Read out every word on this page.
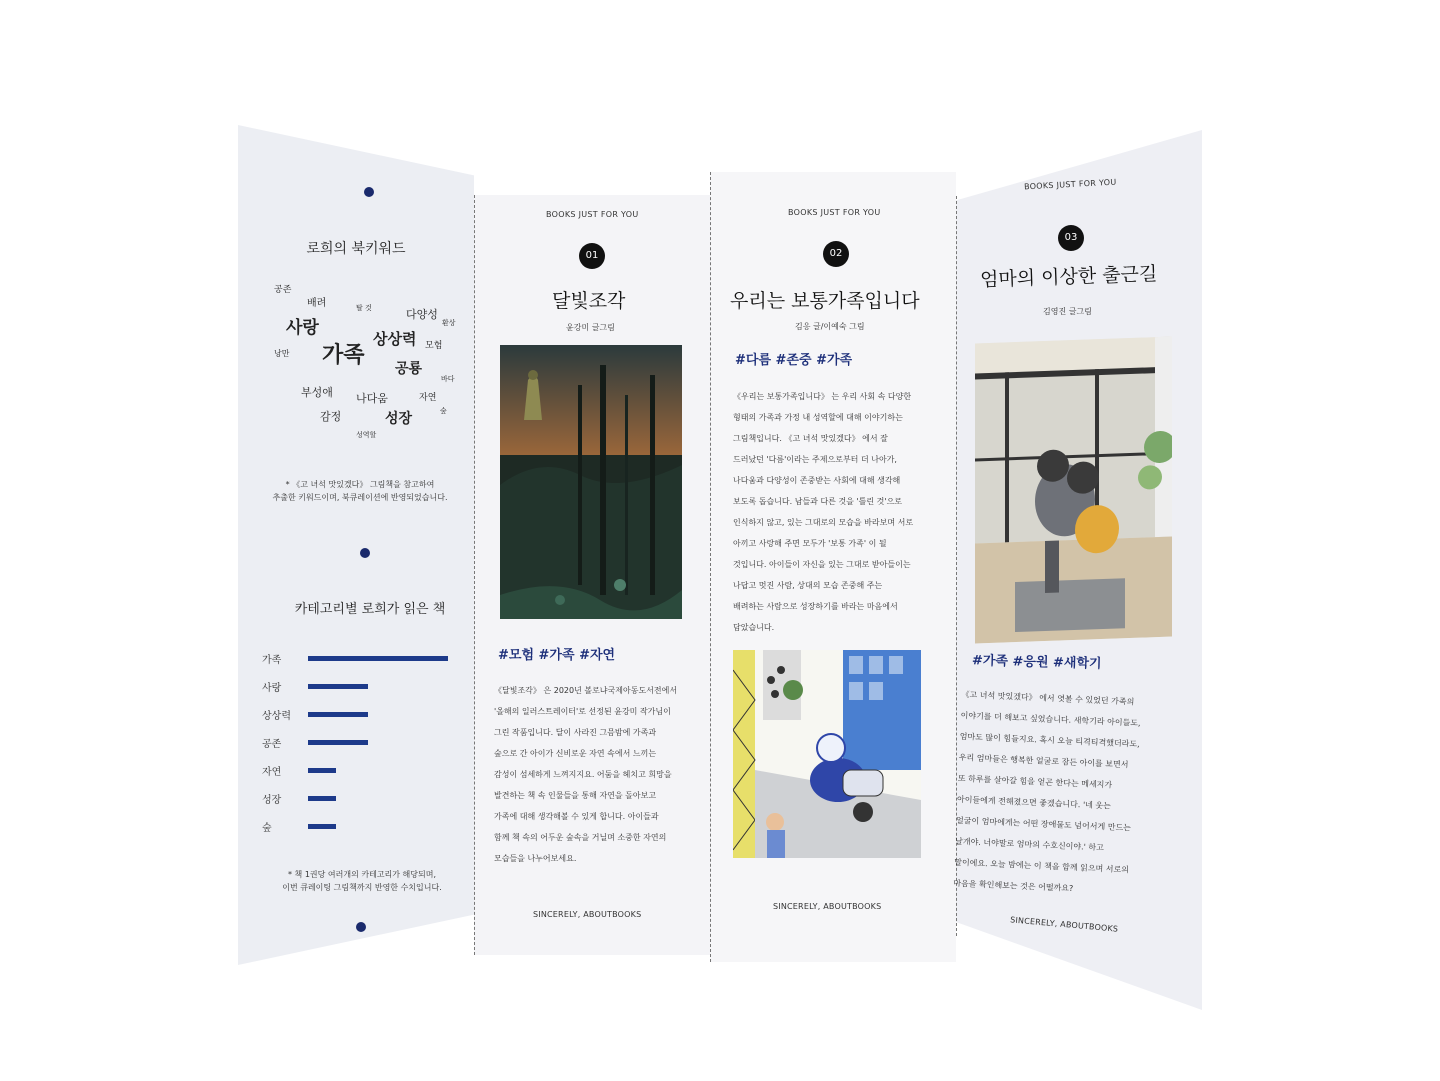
로희의 북키워드
공존
배려	탈 것	다양성
환상
사랑
상상력 모험
낭만 가족
공룡
바다
부성애 나다움	자연
숲
감정	성장
성역할
* 《고 녀석 맛있겠다》 그림책을 참고하여
추출한 키워드이며, 북큐레이션에 반영되었습니다.
카테고리별 로희가 읽은 책
가족
사랑
상상력
공존
자연
성장
숲
* 책 1권당 여러개의 카테고리가 해당되며,
이번 큐레이팅 그림책까지 반영한 수치입니다.
BOOKS JUST FOR YOU
01
달빛조각
윤강미 글그림
#모험 #가족 #자연
《달빛조각》 은 2020년 볼로냐국제아동도서전에서
'올해의 일러스트레이터'로 선정된 윤강미 작가님이
그린 작품입니다. 달이 사라진 그믐밤에 가족과
숲으로 간 아이가 신비로운 자연 속에서 느끼는
감성이 섬세하게 느껴지지요. 어둠을 헤치고 희망을
발견하는 책 속 인물들을 통해 자연을 돌아보고
가족에 대해 생각해볼 수 있게 합니다. 아이들과
함께 책 속의 어두운 숲속을 거닐며 소중한 자연의
모습들을 나누어보세요.
SINCERELY, ABOUTBOOKS
BOOKS JUST FOR YOU
02
우리는 보통가족입니다
김응 글/이예숙 그림
#다름 #존중 #가족
《우리는 보통가족입니다》 는 우리 사회 속 다양한
형태의 가족과 가정 내 성역할에 대해 이야기하는
그림책입니다. 《고 녀석 맛있겠다》 에서 잘
드러났던 '다름'이라는 주제으로부터 더 나아가,
나다움과 다양성이 존중받는 사회에 대해 생각해
보도록 돕습니다. 남들과 다른 것을 '틀린 것'으로
인식하지 않고, 있는 그대로의 모습을 바라보며 서로
아끼고 사랑해 주면 모두가 '보통 가족' 이 될
것입니다. 아이들이 자신을 있는 그대로 받아들이는
나답고 멋진 사람, 상대의 모습 존중해 주는
배려하는 사람으로 성장하기를 바라는 마음에서
담았습니다.
SINCERELY, ABOUTBOOKS
BOOKS JUST FOR YOU
03
엄마의 이상한 출근길
김영진 글그림
#가족 #응원 #새학기
《고 녀석 맛있겠다》 에서 엿볼 수 있었던 가족의
이야기를 더 해보고 싶었습니다. 새학기라 아이들도,
엄마도 많이 힘들지요. 혹시 오늘 티격티격했더라도,
우리 엄마들은 행복한 얼굴로 잠든 아이를 보면서
또 하루를 살아갈 힘을 얻곤 한다는 메세지가
아이들에게 전해졌으면 좋겠습니다. '네 웃는
얼굴이 엄마에게는 어떤 장애물도 넘어서게 만드는
날개야. 너야말로 엄마의 수호신이야.' 하고
말이에요. 오늘 밤에는 이 책을 함께 읽으며 서로의
마음을 확인해보는 것은 어떨까요?
SINCERELY, ABOUTBOOKS
